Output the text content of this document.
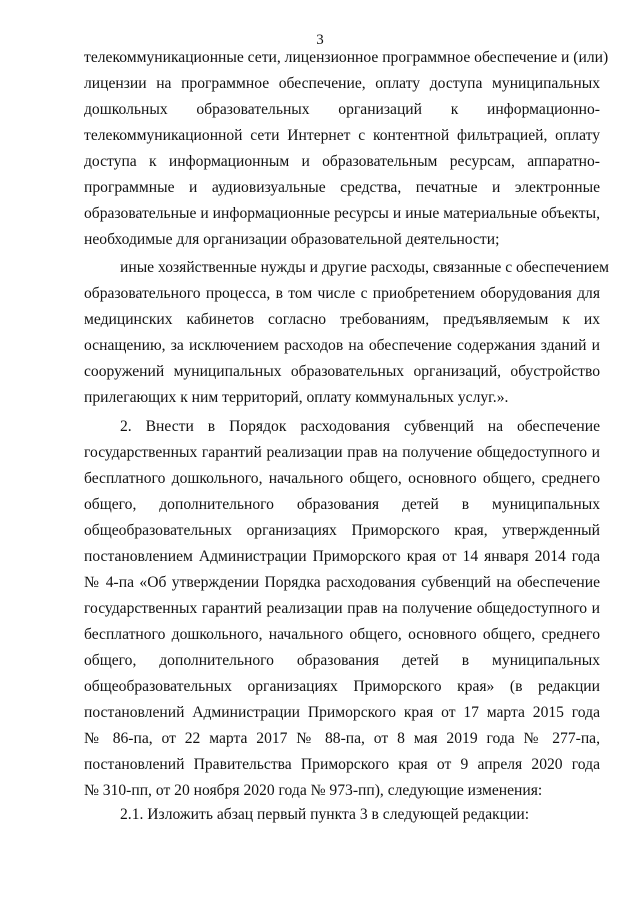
3
телекоммуникационные сети, лицензионное программное обеспечение и (или)
лицензии на программное обеспечение, оплату доступа муниципальных
дошкольных образовательных организаций к информационно-
телекоммуникационной сети Интернет с контентной фильтрацией, оплату
доступа к информационным и образовательным ресурсам, аппаратно-
программные и аудиовизуальные средства, печатные и электронные
образовательные и информационные ресурсы и иные материальные объекты,
необходимые для организации образовательной деятельности;
иные хозяйственные нужды и другие расходы, связанные с обеспечением
образовательного процесса, в том числе с приобретением оборудования для
медицинских кабинетов согласно требованиям, предъявляемым к их
оснащению, за исключением расходов на обеспечение содержания зданий и
сооружений муниципальных образовательных организаций, обустройство
прилегающих к ним территорий, оплату коммунальных услуг.».
2. Внести в Порядок расходования субвенций на обеспечение
государственных гарантий реализации прав на получение общедоступного и
бесплатного дошкольного, начального общего, основного общего, среднего
общего, дополнительного образования детей в муниципальных
общеобразовательных организациях Приморского края, утвержденный
постановлением Администрации Приморского края от 14 января 2014 года
№ 4-па «Об утверждении Порядка расходования субвенций на обеспечение
государственных гарантий реализации прав на получение общедоступного и
бесплатного дошкольного, начального общего, основного общего, среднего
общего, дополнительного образования детей в муниципальных
общеобразовательных организациях Приморского края» (в редакции
постановлений Администрации Приморского края от 17 марта 2015 года
№ 86-па, от 22 марта 2017 № 88-па, от 8 мая 2019 года № 277-па,
постановлений Правительства Приморского края от 9 апреля 2020 года
№ 310-пп, от 20 ноября 2020 года № 973-пп), следующие изменения:
2.1. Изложить абзац первый пункта 3 в следующей редакции:
